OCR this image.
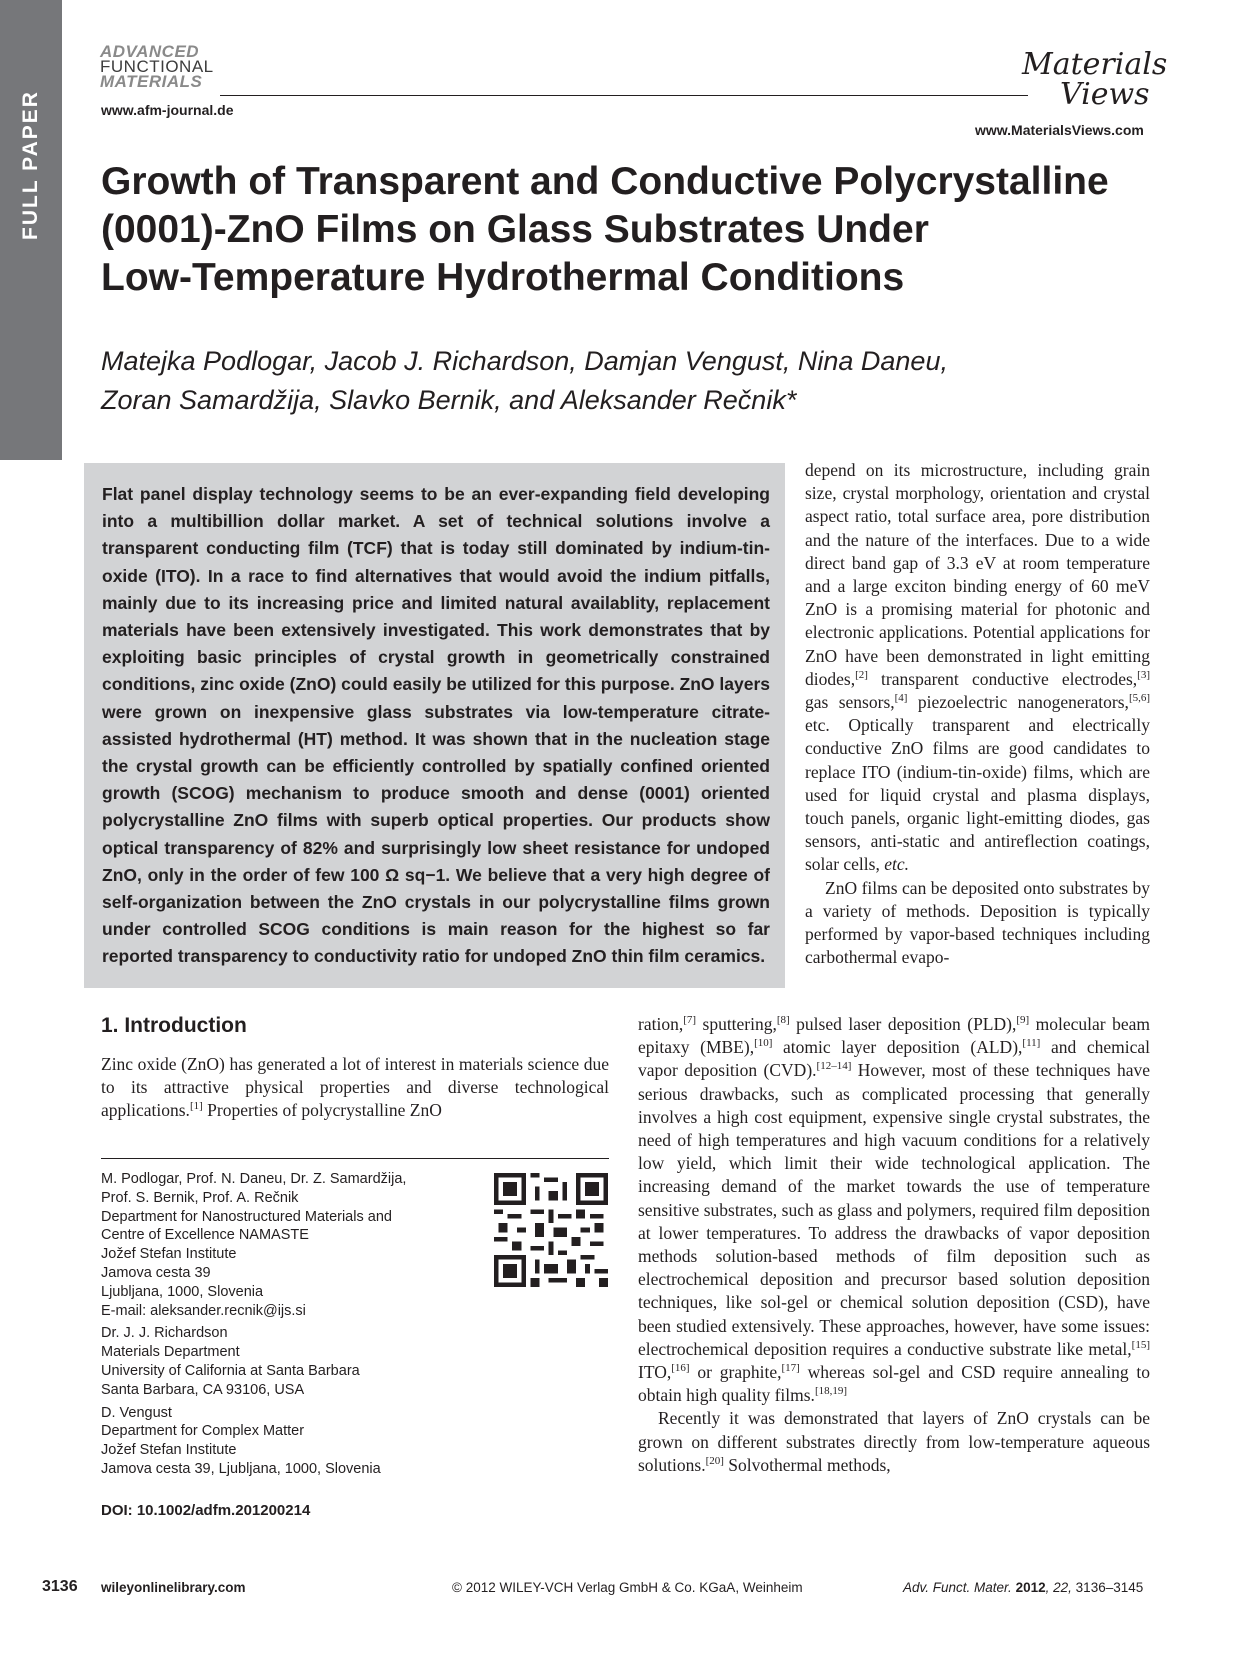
FULL PAPER
ADVANCED
FUNCTIONAL
MATERIALS
www.afm-journal.de
Materials
Views
www.MaterialsViews.com
Growth of Transparent and Conductive Polycrystalline
(0001)-ZnO Films on Glass Substrates Under
Low-Temperature Hydrothermal Conditions
Matejka Podlogar, Jacob J. Richardson, Damjan Vengust, Nina Daneu,
Zoran Samardžija, Slavko Bernik, and Aleksander Rečnik*
Flat panel display technology seems to be an ever-expanding field developing into a multibillion dollar market. A set of technical solutions involve a transparent conducting film (TCF) that is today still dominated by indium-tin-oxide (ITO). In a race to find alternatives that would avoid the indium pitfalls, mainly due to its increasing price and limited natural availablity, replacement materials have been extensively investigated. This work demonstrates that by exploiting basic principles of crystal growth in geometrically constrained conditions, zinc oxide (ZnO) could easily be utilized for this purpose. ZnO layers were grown on inexpensive glass substrates via low-temperature citrate-assisted hydrothermal (HT) method. It was shown that in the nucleation stage the crystal growth can be efficiently controlled by spatially confined oriented growth (SCOG) mechanism to produce smooth and dense (0001) oriented polycrystalline ZnO films with superb optical properties. Our products show optical transparency of 82% and surprisingly low sheet resistance for undoped ZnO, only in the order of few 100 Ω sq−1. We believe that a very high degree of self-organization between the ZnO crystals in our polycrystalline films grown under controlled SCOG conditions is main reason for the highest so far reported transparency to conductivity ratio for undoped ZnO thin film ceramics.

depend on its microstructure, including grain size, crystal morphology, orientation and crystal aspect ratio, total surface area, pore distribution and the nature of the interfaces. Due to a wide direct band gap of 3.3 eV at room temperature and a large exciton binding energy of 60 meV ZnO is a promising material for photonic and electronic applications. Potential applications for ZnO have been demonstrated in light emitting diodes,[2] transparent conductive electrodes,[3] gas sensors,[4] piezoelectric nanogenerators,[5,6] etc. Optically transparent and electrically conductive ZnO films are good candidates to replace ITO (indium-tin-oxide) films, which are used for liquid crystal and plasma displays, touch panels, organic light-emitting diodes, gas sensors, anti-static and antireflection coatings, solar cells, etc.

ZnO films can be deposited onto substrates by a variety of methods. Deposition is typically performed by vapor-based techniques including carbothermal evapo-

1. Introduction
Zinc oxide (ZnO) has generated a lot of interest in materials science due to its attractive physical properties and diverse technological applications.[1] Properties of polycrystalline ZnO

ration,[7] sputtering,[8] pulsed laser deposition (PLD),[9] molecular beam epitaxy (MBE),[10] atomic layer deposition (ALD),[11] and chemical vapor deposition (CVD).[12–14] However, most of these techniques have serious drawbacks, such as complicated processing that generally involves a high cost equipment, expensive single crystal substrates, the need of high temperatures and high vacuum conditions for a relatively low yield, which limit their wide technological application. The increasing demand of the market towards the use of temperature sensitive substrates, such as glass and polymers, required film deposition at lower temperatures. To address the drawbacks of vapor deposition methods solution-based methods of film deposition such as electrochemical deposition and precursor based solution deposition techniques, like sol-gel or chemical solution deposition (CSD), have been studied extensively. These approaches, however, have some issues: electrochemical deposition requires a conductive substrate like metal,[15] ITO,[16] or graphite,[17] whereas sol-gel and CSD require annealing to obtain high quality films.[18,19]

Recently it was demonstrated that layers of ZnO crystals can be grown on different substrates directly from low-temperature aqueous solutions.[20] Solvothermal methods,

M. Podlogar, Prof. N. Daneu, Dr. Z. Samardžija,
Prof. S. Bernik, Prof. A. Rečnik
Department for Nanostructured Materials and
Centre of Excellence NAMASTE
Jožef Stefan Institute
Jamova cesta 39
Ljubljana, 1000, Slovenia
E-mail: aleksander.recnik@ijs.si
Dr. J. J. Richardson
Materials Department
University of California at Santa Barbara
Santa Barbara, CA 93106, USA
D. Vengust
Department for Complex Matter
Jožef Stefan Institute
Jamova cesta 39, Ljubljana, 1000, Slovenia
DOI: 10.1002/adfm.201200214
3136 wileyonlinelibrary.com	© 2012 WILEY-VCH Verlag GmbH & Co. KGaA, Weinheim	Adv. Funct. Mater. 2012, 22, 3136–3145
